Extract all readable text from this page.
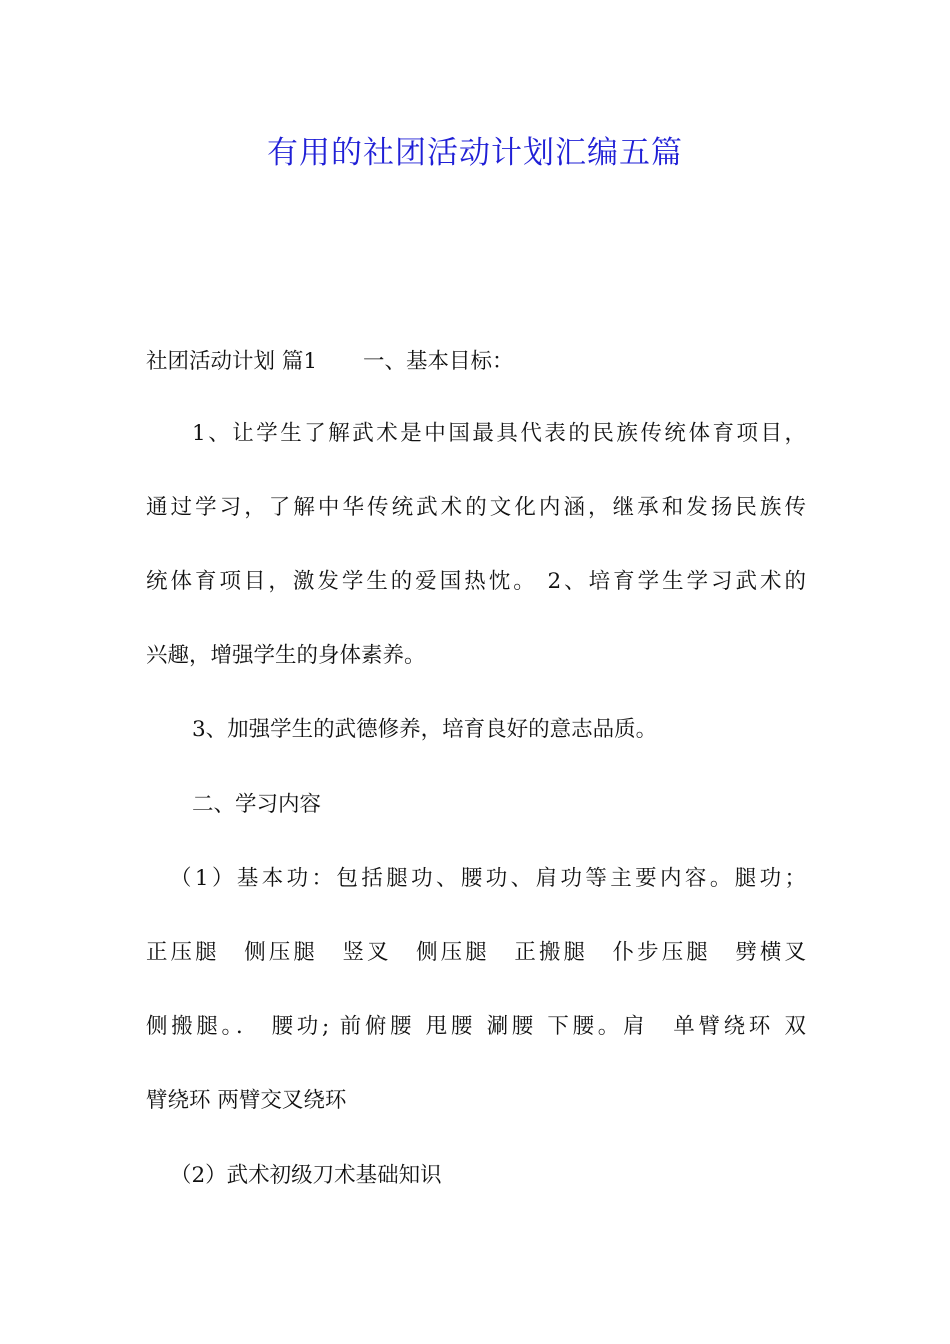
有用的社团活动计划汇编五篇
社团活动计划 篇1 一、基本目标：
1、让学生了解武术是中国最具代表的民族传统体育项目，
通过学习，了解中华传统武术的文化内涵，继承和发扬民族传
统体育项目，激发学生的爱国热忱。 2、培育学生学习武术的
兴趣，增强学生的身体素养。
3、加强学生的武德修养，培育良好的意志品质。
二、学习内容
（1）基本功：包括腿功、腰功、肩功等主要内容。腿功；
正压腿　侧压腿　竖叉　侧压腿　正搬腿　仆步压腿　劈横叉
侧搬腿。． 腰功; 前俯腰 甩腰 涮腰 下腰。肩　单臂绕环 双
臂绕环 两臂交叉绕环
（2）武术初级刀术基础知识
